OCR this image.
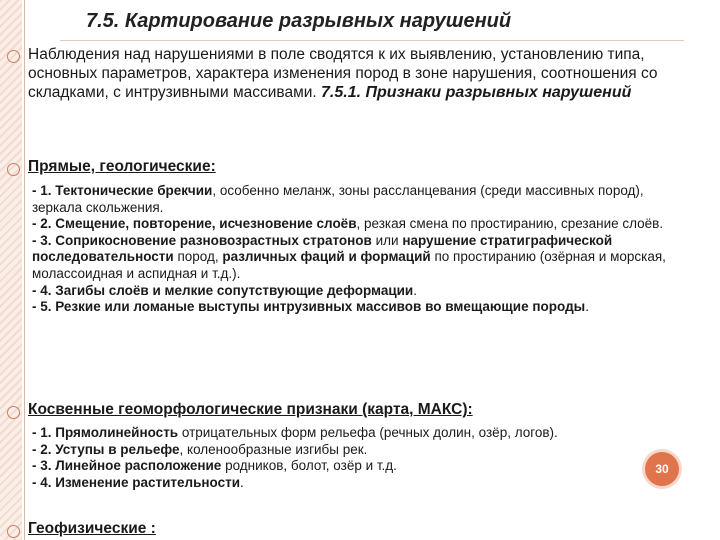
7.5. Картирование разрывных нарушений
Наблюдения над нарушениями в поле сводятся к их выявлению, установлению типа, основных параметров, характера изменения пород в зоне нарушения, соотношения со складками, с интрузивными массивами. 7.5.1. Признаки разрывных нарушений
Прямые, геологические:
- 1. Тектонические брекчии, особенно меланж, зоны рассланцевания (среди массивных пород), зеркала скольжения.
- 2. Смещение, повторение, исчезновение слоёв, резкая смена по простиранию, срезание слоёв.
- 3. Соприкосновение разновозрастных стратонов или нарушение стратиграфической последовательности пород, различных фаций и формаций по простиранию (озёрная и морская, молассоидная и аспидная и т.д.).
- 4. Загибы слоёв и мелкие сопутствующие деформации.
- 5. Резкие или ломаные выступы интрузивных массивов во вмещающие породы.
Косвенные геоморфологические признаки (карта, МАКС):
- 1. Прямолинейность отрицательных форм рельефа (речных долин, озёр, логов).
- 2. Уступы в рельефе, коленообразные изгибы рек.
- 3. Линейное расположение родников, болот, озёр и т.д.
- 4. Изменение растительности.
Геофизические :
30
